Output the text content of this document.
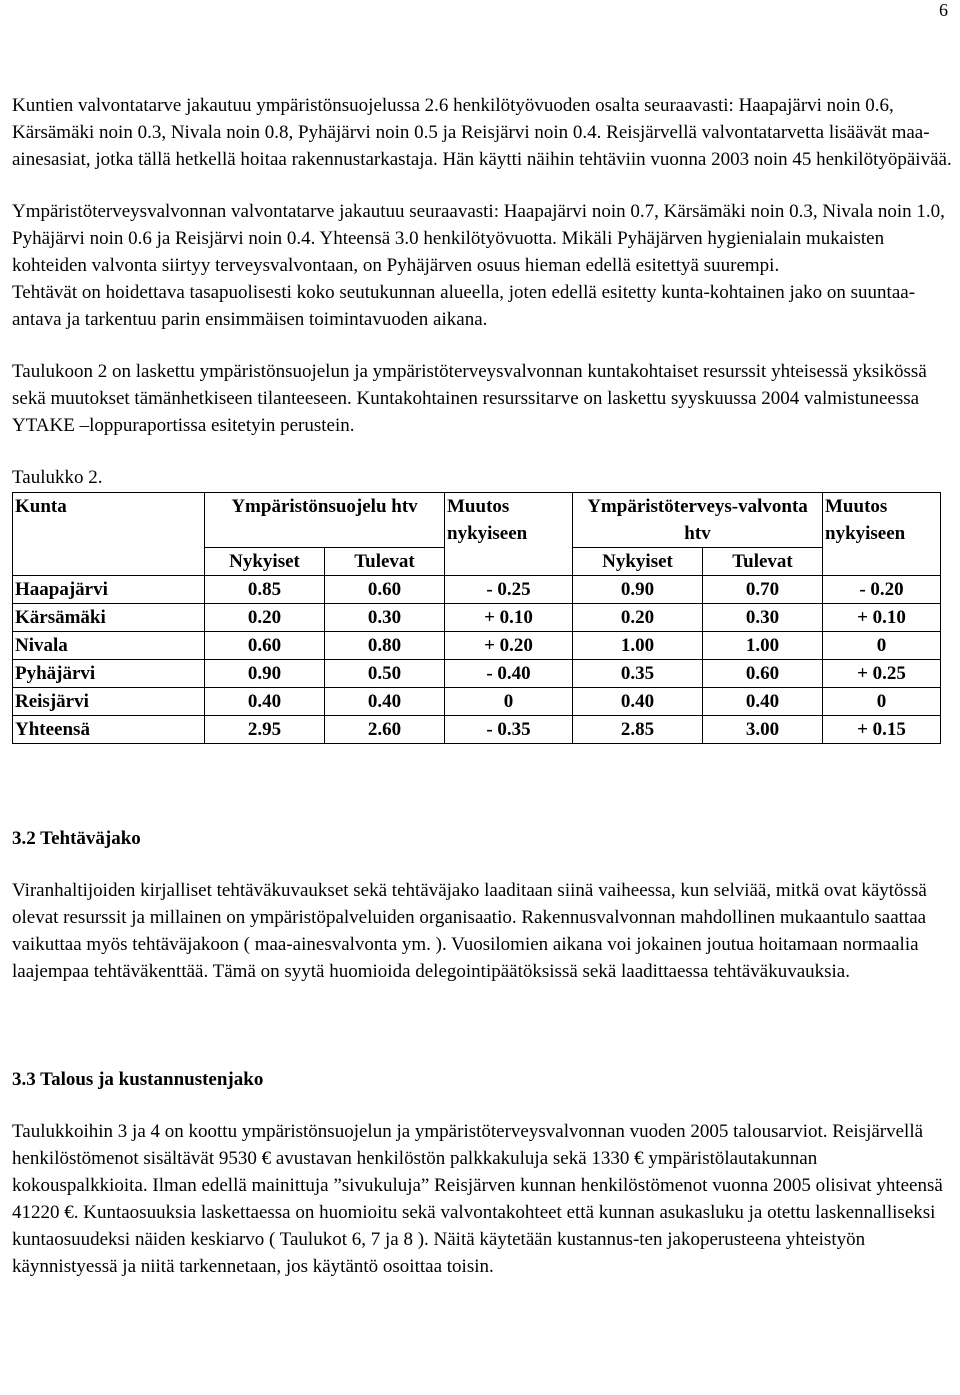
6

Kuntien valvontatarve jakautuu ympäristönsuojelussa 2.6 henkilötyövuoden osalta seuraavasti: Haapajärvi noin 0.6, Kärsämäki noin 0.3, Nivala noin 0.8, Pyhäjärvi noin 0.5 ja Reisjärvi noin 0.4. Reisjärvellä valvontatarvetta lisäävät maa-ainesasiat, jotka tällä hetkellä hoitaa rakennustarkastaja. Hän käytti näihin tehtäviin vuonna 2003 noin 45 henkilötyöpäivää.

Ympäristöterveysvalvonnan valvontatarve jakautuu seuraavasti: Haapajärvi noin 0.7, Kärsämäki noin 0.3, Nivala noin 1.0, Pyhäjärvi noin 0.6 ja Reisjärvi noin 0.4. Yhteensä 3.0 henkilötyövuotta. Mikäli Pyhäjärven hygienialain mukaisten kohteiden valvonta siirtyy terveysvalvontaan, on Pyhäjärven osuus hieman edellä esitettyä suurempi.

Tehtävät on hoidettava tasapuolisesti koko seutukunnan alueella, joten edellä esitetty kunta-kohtainen jako on suuntaa-antava ja tarkentuu parin ensimmäisen toimintavuoden aikana.

Taulukoon 2 on laskettu ympäristönsuojelun ja ympäristöterveysvalvonnan kuntakohtaiset resurssit yhteisessä yksikössä sekä muutokset tämänhetkiseen tilanteeseen. Kuntakohtainen resurssitarve on laskettu syyskuussa 2004 valmistuneessa YTAKE –loppuraportissa esitetyin perustein.

Taulukko 2.

Kunta	Ympäristönsuojelu htv		Muutos nykyiseen	Ympäristöterveys-valvonta htv		Muutos nykyiseen
	Nykyiset	Tulevat		Nykyiset	Tulevat	
Haapajärvi	0.85	0.60	- 0.25	0.90	0.70	- 0.20
Kärsämäki	0.20	0.30	+ 0.10	0.20	0.30	+ 0.10
Nivala	0.60	0.80	+ 0.20	1.00	1.00	0
Pyhäjärvi	0.90	0.50	- 0.40	0.35	0.60	+ 0.25
Reisjärvi	0.40	0.40	0	0.40	0.40	0
Yhteensä	2.95	2.60	- 0.35	2.85	3.00	+ 0.15
3.2 Tehtäväjako

Viranhaltijoiden kirjalliset tehtäväkuvaukset sekä tehtäväjako laaditaan siinä vaiheessa, kun selviää, mitkä ovat käytössä olevat resurssit ja millainen on ympäristöpalveluiden organisaatio. Rakennusvalvonnan mahdollinen mukaantulo saattaa vaikuttaa myös tehtäväjakoon ( maa-ainesvalvonta ym. ). Vuosilomien aikana voi jokainen joutua hoitamaan normaalia laajempaa tehtäväkenttää. Tämä on syytä huomioida delegointipäätöksissä sekä laadittaessa tehtäväkuvauksia.

3.3 Talous ja kustannustenjako

Taulukkoihin 3 ja 4 on koottu ympäristönsuojelun ja ympäristöterveysvalvonnan vuoden 2005 talousarviot. Reisjärvellä henkilöstömenot sisältävät 9530 € avustavan henkilöstön palkkakuluja sekä 1330 € ympäristölautakunnan kokouspalkkioita. Ilman edellä mainittuja ”sivukuluja” Reisjärven kunnan henkilöstömenot vuonna 2005 olisivat yhteensä 41220 €. Kuntaosuuksia laskettaessa on huomioitu sekä valvontakohteet että kunnan asukasluku ja otettu laskennalliseksi kuntaosuudeksi näiden keskiarvo ( Taulukot 6, 7 ja 8 ). Näitä käytetään kustannus-ten jakoperusteena yhteistyön käynnistyessä ja niitä tarkennetaan, jos käytäntö osoittaa toisin.
